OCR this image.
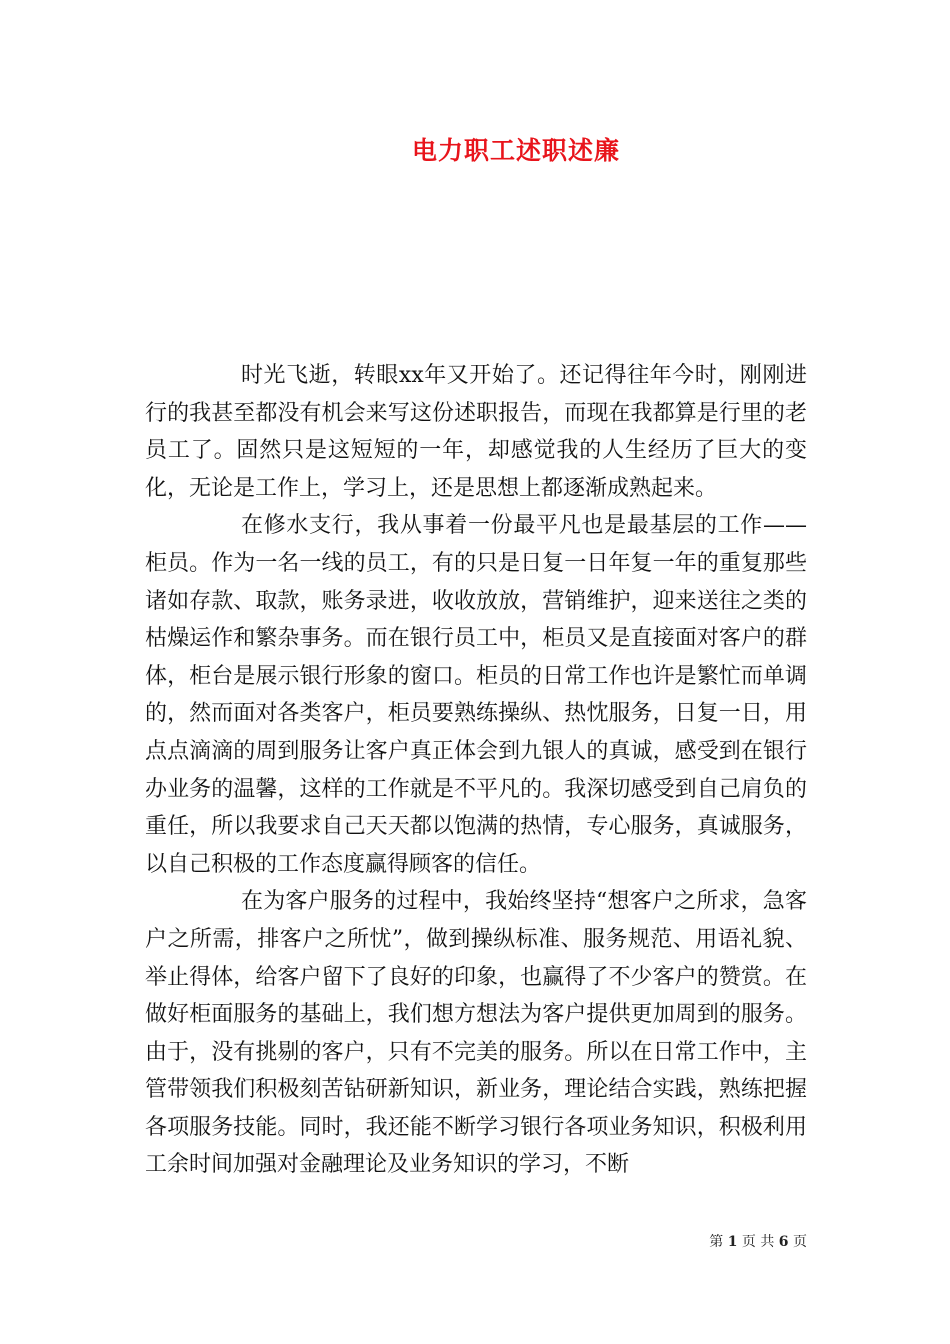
电力职工述职述廉

时光飞逝，转眼xx年又开始了。还记得往年今时，刚刚进行的我甚至都没有机会来写这份述职报告，而现在我都算是行里的老员工了。固然只是这短短的一年，却感觉我的人生经历了巨大的变化，无论是工作上，学习上，还是思想上都逐渐成熟起来。

在修水支行，我从事着一份最平凡也是最基层的工作——柜员。作为一名一线的员工，有的只是日复一日年复一年的重复那些诸如存款、取款，账务录进，收收放放，营销维护，迎来送往之类的枯燥运作和繁杂事务。而在银行员工中，柜员又是直接面对客户的群体，柜台是展示银行形象的窗口。柜员的日常工作也许是繁忙而单调的，然而面对各类客户，柜员要熟练操纵、热忱服务，日复一日，用点点滴滴的周到服务让客户真正体会到九银人的真诚，感受到在银行办业务的温馨，这样的工作就是不平凡的。我深切感受到自己肩负的重任，所以我要求自己天天都以饱满的热情，专心服务，真诚服务，以自己积极的工作态度赢得顾客的信任。

在为客户服务的过程中，我始终坚持“想客户之所求，急客户之所需，排客户之所忧”，做到操纵标准、服务规范、用语礼貌、举止得体，给客户留下了良好的印象，也赢得了不少客户的赞赏。在做好柜面服务的基础上，我们想方想法为客户提供更加周到的服务。由于，没有挑剔的客户，只有不完美的服务。所以在日常工作中，主管带领我们积极刻苦钻研新知识，新业务，理论结合实践，熟练把握各项服务技能。同时，我还能不断学习银行各项业务知识，积极利用工余时间加强对金融理论及业务知识的学习，不断

第 1 页 共 6 页
